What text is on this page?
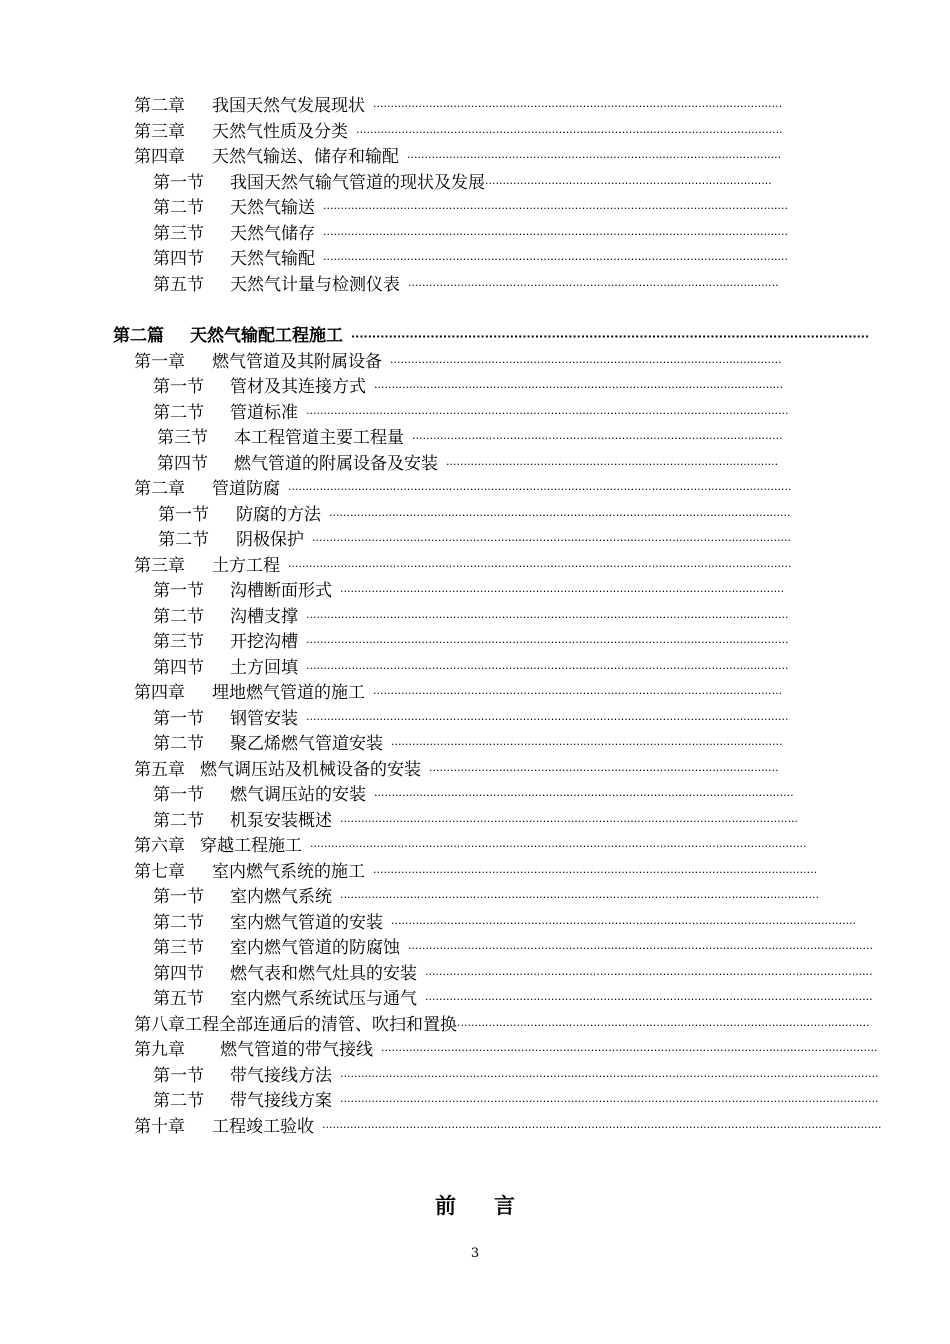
第二章 我国天然气发展现状 ·····················································································································
第三章 天然气性质及分类 ··························································································································
第四章 天然气输送、储存和输配 ···········································································································
第一节 我国天然气输气管道的现状及发展 ··················································································
第二节 天然气输送 ·····································································································································
第三节 天然气储存 ·····································································································································
第四节 天然气输配 ·····································································································································
第五节 天然气计量与检测仪表 ··········································································································
第二篇 天然气输配工程施工 ····························································································································
第一章 燃气管道及其附属设备 ················································································································
第一节 管材及其连接方式 ·····················································································································
第二节 管道标准 ··········································································································································
第三节 本工程管道主要工程量 ··········································································································
第四节 燃气管道的附属设备及安装 ·······························································································
第二章 管道防腐 ················································································································································
第一节 防腐的方法 ····································································································································
第二节 阴极保护 ·········································································································································
第三章 土方工程 ················································································································································
第一节 沟槽断面形式 ·······························································································································
第二节 沟槽支撑 ··········································································································································
第三节 开挖沟槽 ··········································································································································
第四节 土方回填 ··········································································································································
第四章 埋地燃气管道的施工 ·····················································································································
第一节 钢管安装 ··········································································································································
第二节 聚乙烯燃气管道安装 ················································································································
第五章 燃气调压站及机械设备的安装 ····································································································
第一节 燃气调压站的安装 ························································································································
第二节 机泵安装概述 ···································································································································
第六章 穿越工程施工 ··············································································································································
第七章 室内燃气系统的施工 ·······························································································································
第一节 室内燃气系统 ·········································································································································
第二节 室内燃气管道的安装 ·····································································································································
第三节 室内燃气管道的防腐蚀 ·····································································································································
第四节 燃气表和燃气灶具的安装 ································································································································
第五节 室内燃气系统试压与通气 ································································································································
第八章 工程全部连通后的清管、吹扫和置换 ······················································································································
第九章 燃气管道的带气接线 ··············································································································································
第一节 带气接线方法 ··························································································································································
第二节 带气接线方案 ··························································································································································
第十章 工程竣工验收 ································································································································································
前言
3
